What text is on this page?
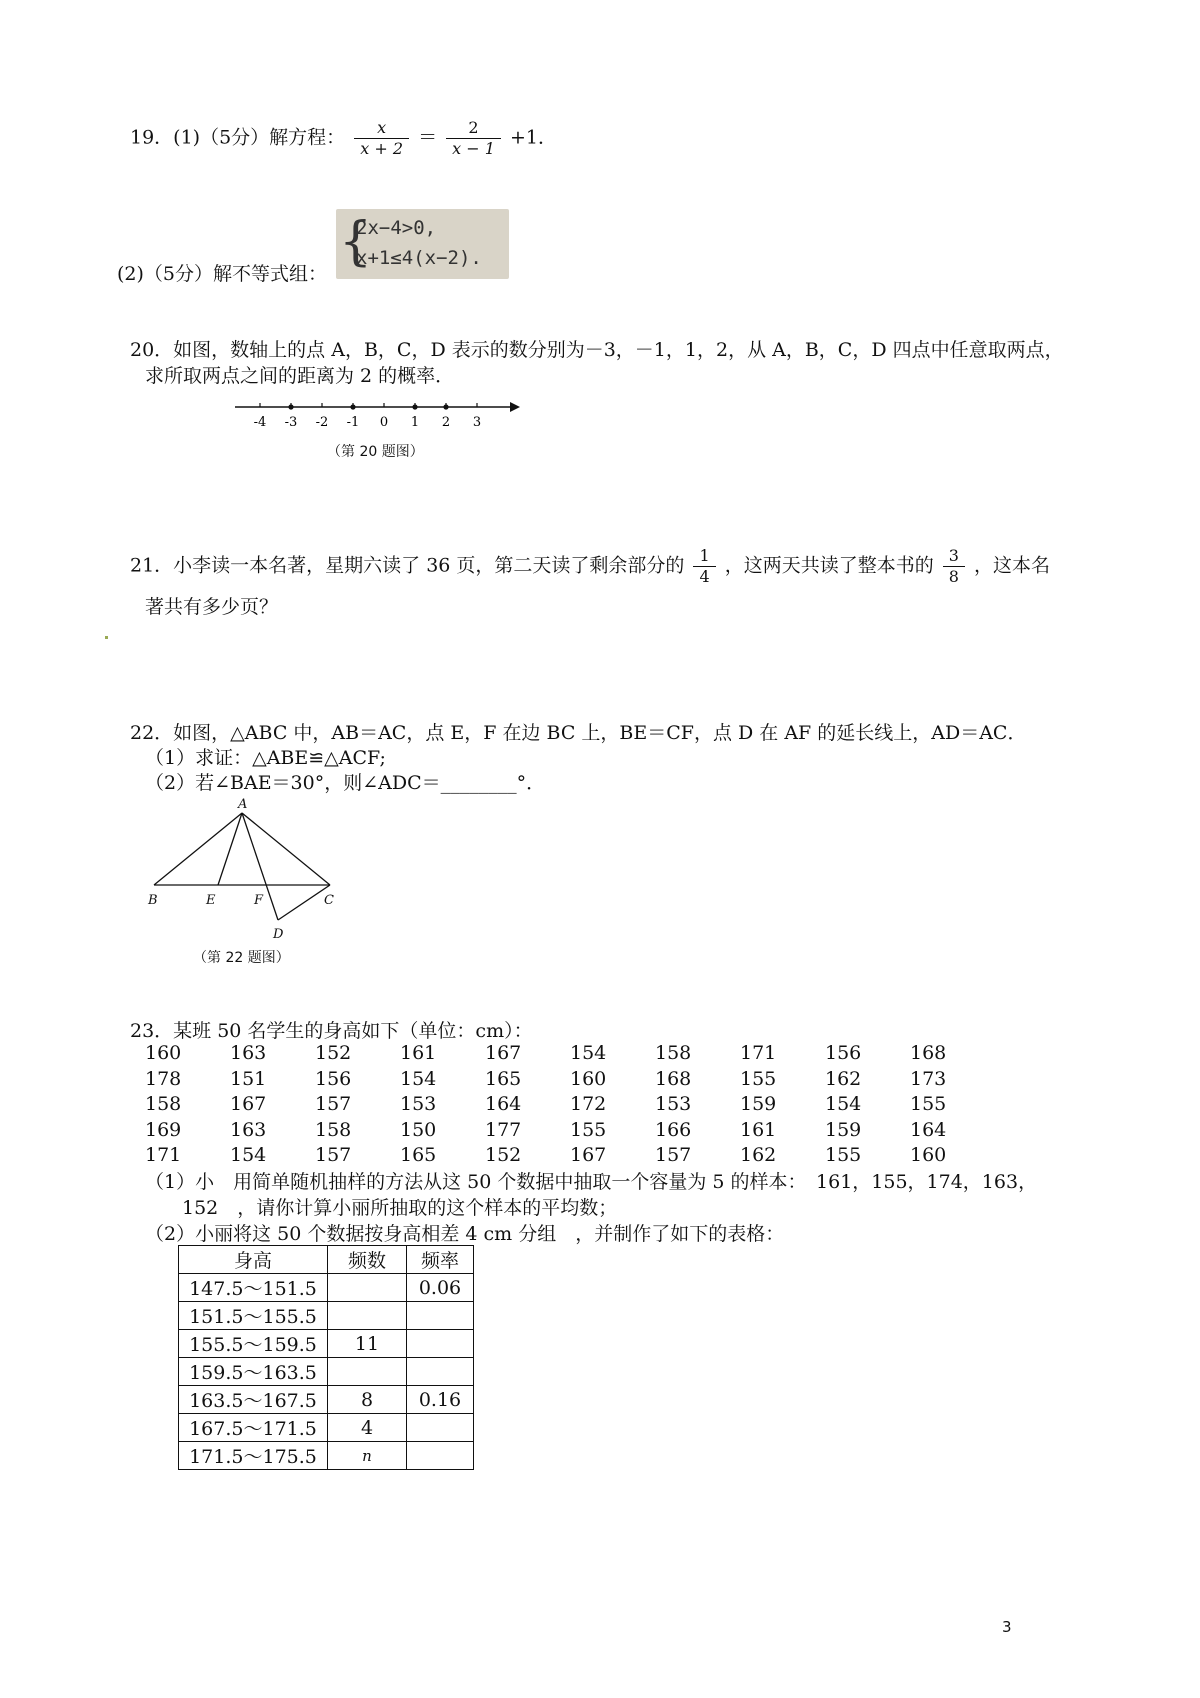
19．(1)（5分）解方程： $\frac{x}{x + 2} = \frac{2}{x - 1} +1$．
(2)（5分）解不等式组：
{
2x−4>0,
x+1≤4(x−2).
20．如图，数轴上的点 A，B，C，D 表示的数分别为－3，－1，1，2，从 A，B，C，D 四点中任意取两点，
求所取两点之间的距离为 2 的概率．
-4 -3 -2 -1 0 1 2 3
（第 20 题图）
21．小李读一本名著，星期六读了 36 页，第二天读了剩余部分的 $\frac{1}{4}$ ，这两天共读了整本书的 $\frac{3}{8}$ ，这本名
著共有多少页？
22．如图，△ABC 中，AB＝AC，点 E，F 在边 BC 上，BE＝CF，点 D 在 AF 的延长线上，AD＝AC．
（1）求证：△ABE≌△ACF;
（2）若∠BAE＝30°，则∠ADC＝________°．
A
B	E	F	C
D
（第 22 题图）
23．某班 50 名学生的身高如下（单位：cm）：
160	163	152	161	167	154	158	171	156	168
178	151	156	154	165	160	168	155	162	173
158	167	157	153	164	172	153	159	154	155
169	163	158	150	177	155	166	161	159	164
171	154	157	165	152	167	157	162	155	160
（1）小　用简单随机抽样的方法从这 50 个数据中抽取一个容量为 5 的样本：　161，155，174，163，
152　，请你计算小丽所抽取的这个样本的平均数；
（2）小丽将这 50 个数据按身高相差 4 cm 分组　，并制作了如下的表格：
身高	频数	频率
147.5～151.5		0.06
151.5～155.5		
155.5～159.5	11	
159.5～163.5		
163.5～167.5	8	0.16
167.5～171.5	4	
171.5～175.5	n	
3
